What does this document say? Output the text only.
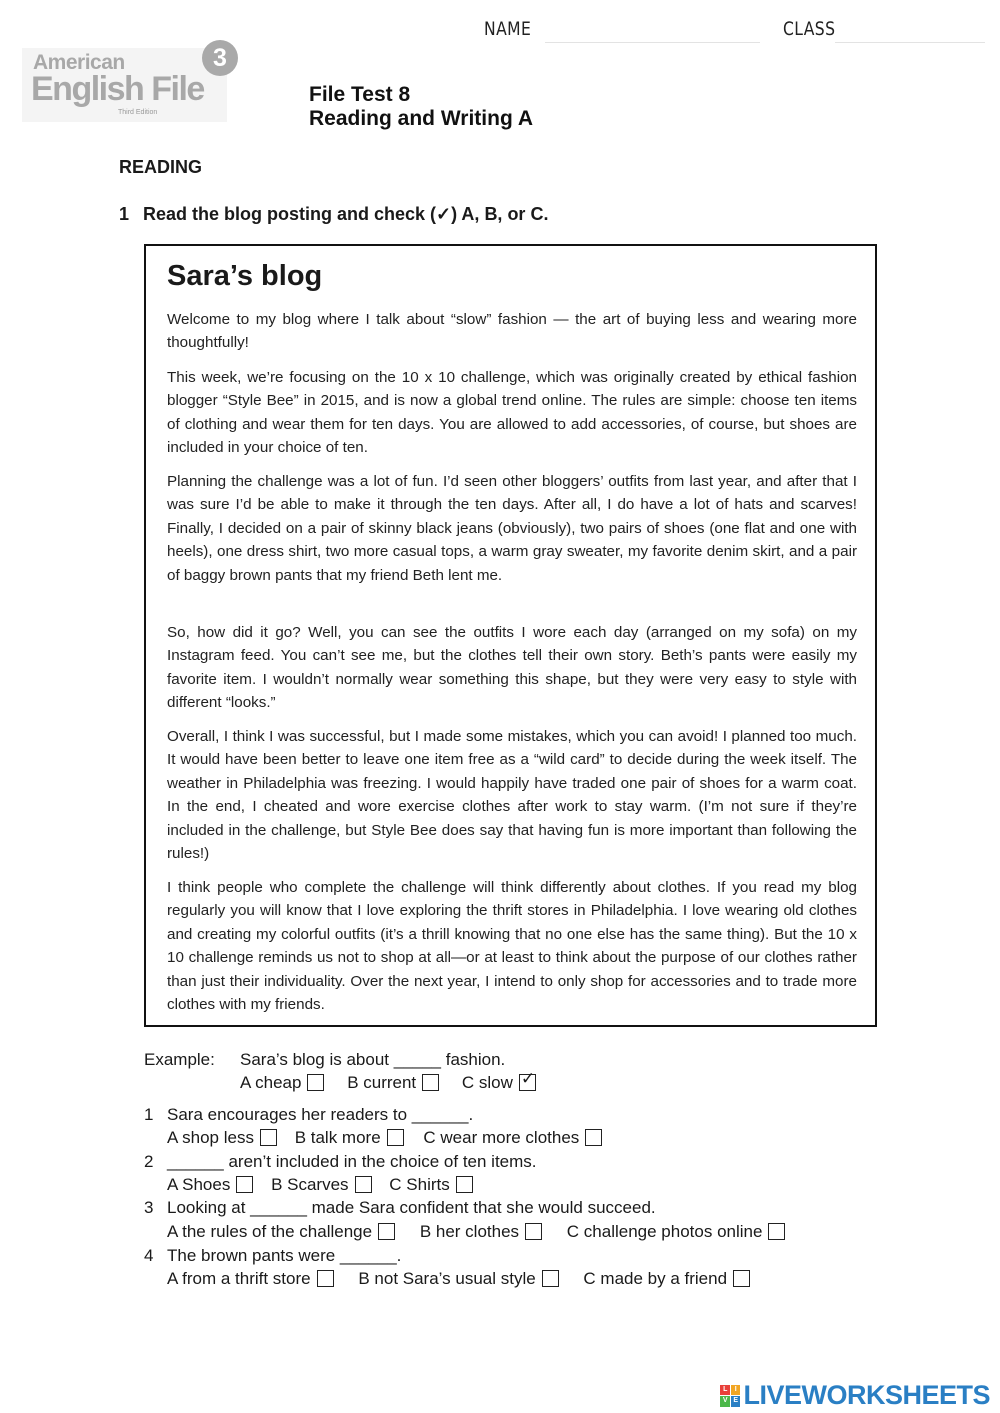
NAME	CLASS
American
English File
Third Edition
3
File Test 8
Reading and Writing A
READING
1 Read the blog posting and check (✓) A, B, or C.
Sara’s blog
Welcome to my blog where I talk about “slow” fashion — the art of buying less and wearing more thoughtfully!
This week, we’re focusing on the 10 x 10 challenge, which was originally created by ethical fashion blogger “Style Bee” in 2015, and is now a global trend online. The rules are simple: choose ten items of clothing and wear them for ten days. You are allowed to add accessories, of course, but shoes are included in your choice of ten.
Planning the challenge was a lot of fun. I’d seen other bloggers’ outfits from last year, and after that I was sure I’d be able to make it through the ten days. After all, I do have a lot of hats and scarves! Finally, I decided on a pair of skinny black jeans (obviously), two pairs of shoes (one flat and one with heels), one dress shirt, two more casual tops, a warm gray sweater, my favorite denim skirt, and a pair of baggy brown pants that my friend Beth lent me.
So, how did it go? Well, you can see the outfits I wore each day (arranged on my sofa) on my Instagram feed. You can’t see me, but the clothes tell their own story. Beth’s pants were easily my favorite item. I wouldn’t normally wear something this shape, but they were very easy to style with different “looks.”
Overall, I think I was successful, but I made some mistakes, which you can avoid! I planned too much. It would have been better to leave one item free as a “wild card” to decide during the week itself. The weather in Philadelphia was freezing. I would happily have traded one pair of shoes for a warm coat. In the end, I cheated and wore exercise clothes after work to stay warm. (I’m not sure if they’re included in the challenge, but Style Bee does say that having fun is more important than following the rules!)
I think people who complete the challenge will think differently about clothes. If you read my blog regularly you will know that I love exploring the thrift stores in Philadelphia. I love wearing old clothes and creating my colorful outfits (it’s a thrill knowing that no one else has the same thing). But the 10 x 10 challenge reminds us not to shop at all—or at least to think about the purpose of our clothes rather than just their individuality. Over the next year, I intend to only shop for accessories and to trade more clothes with my friends.
Example: Sara’s blog is about _____ fashion.
A cheap	B current	C slow ✓
1 Sara encourages her readers to ______.
A shop less B talk more	C wear more clothes
2 ______ aren’t included in the choice of ten items.
A Shoes B Scarves C Shirts
3 Looking at ______ made Sara confident that she would succeed.
A the rules of the challenge	B her clothes	C challenge photos online
4 The brown pants were ______.
A from a thrift store	B not Sara’s usual style	C made by a friend
L	I
V E LIVEWORKSHEETS
